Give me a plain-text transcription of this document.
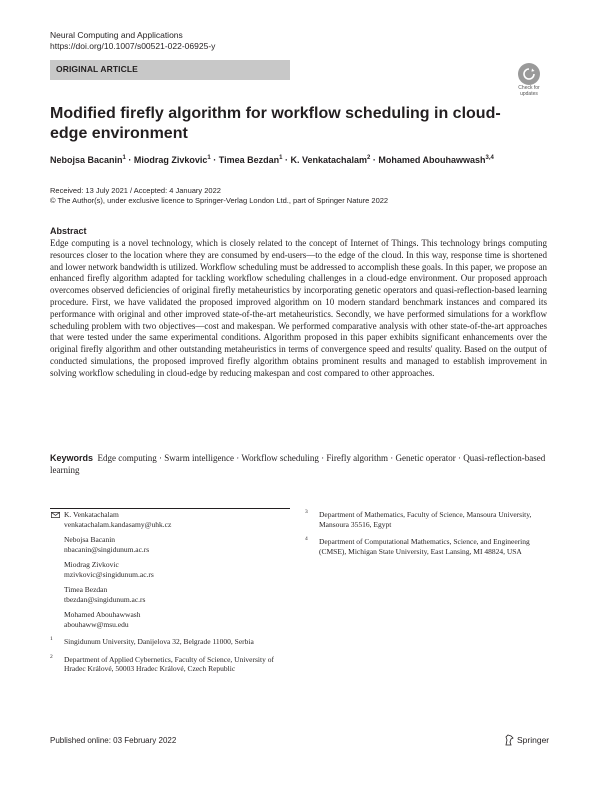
Neural Computing and Applications
https://doi.org/10.1007/s00521-022-06925-y
ORIGINAL ARTICLE
Check for
updates
Modified firefly algorithm for workflow scheduling in cloud-edge environment
Nebojsa Bacanin$^1$ · Miodrag Zivkovic$^1$ · Timea Bezdan$^1$ · K. Venkatachalam$^2$ · Mohamed Abouhawwash$^{3,4}$
Received: 13 July 2021 / Accepted: 4 January 2022
© The Author(s), under exclusive licence to Springer-Verlag London Ltd., part of Springer Nature 2022
Abstract
Edge computing is a novel technology, which is closely related to the concept of Internet of Things. This technology brings computing resources closer to the location where they are consumed by end-users—to the edge of the cloud. In this way, response time is shortened and lower network bandwidth is utilized. Workflow scheduling must be addressed to accomplish these goals. In this paper, we propose an enhanced firefly algorithm adapted for tackling workflow scheduling challenges in a cloud-edge environment. Our proposed approach overcomes observed deficiencies of original firefly metaheuristics by incorporating genetic operators and quasi-reflection-based learning procedure. First, we have validated the proposed improved algorithm on 10 modern standard benchmark instances and compared its performance with original and other improved state-of-the-art metaheuristics. Secondly, we have performed simulations for a workflow scheduling problem with two objectives—cost and makespan. We performed comparative analysis with other state-of-the-art approaches that were tested under the same experimental conditions. Algorithm proposed in this paper exhibits significant enhancements over the original firefly algorithm and other outstanding metaheuristics in terms of convergence speed and results' quality. Based on the output of conducted simulations, the proposed improved firefly algorithm obtains prominent results and managed to establish improvement in solving workflow scheduling in cloud-edge by reducing makespan and cost compared to other approaches.
Keywords Edge computing · Swarm intelligence · Workflow scheduling · Firefly algorithm · Genetic operator · Quasi-reflection-based learning
K. Venkatachalam
venkatachalam.kandasamy@uhk.cz
Nebojsa Bacanin
nbacanin@singidunum.ac.rs
Miodrag Zivkovic
mzivkovic@singidunum.ac.rs
Timea Bezdan
tbezdan@singidunum.ac.rs
Mohamed Abouhawwash
abouhaww@msu.edu
1 Singidunum University, Danijelova 32, Belgrade 11000, Serbia
2 Department of Applied Cybernetics, Faculty of Science, University of Hradec Králové, 50003 Hradec Králové, Czech Republic
3 Department of Mathematics, Faculty of Science, Mansoura University, Mansoura 35516, Egypt
4 Department of Computational Mathematics, Science, and Engineering (CMSE), Michigan State University, East Lansing, MI 48824, USA
Published online: 03 February 2022	Springer
